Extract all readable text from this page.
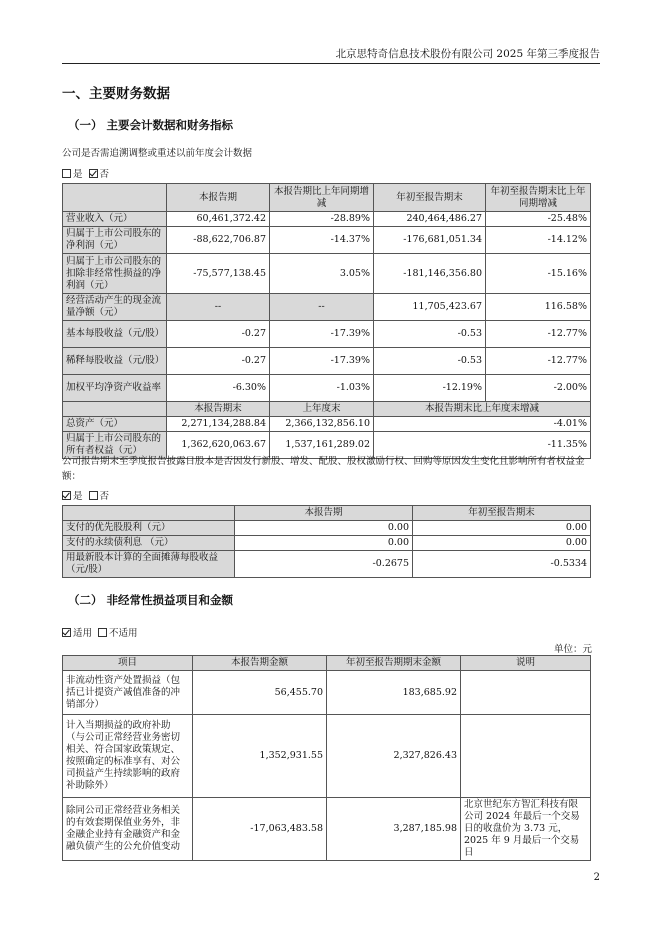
北京思特奇信息技术股份有限公司 2025 年第三季度报告
一、主要财务数据
（一） 主要会计数据和财务指标
公司是否需追溯调整或重述以前年度会计数据
是 否
	本报告期	本报告期比上年同期增减	年初至报告期末	年初至报告期末比上年同期增减
营业收入（元）	60,461,372.42	-28.89%	240,464,486.27	-25.48%
归属于上市公司股东的净利润（元）	-88,622,706.87	-14.37%	-176,681,051.34	-14.12%
归属于上市公司股东的扣除非经常性损益的净利润（元）	-75,577,138.45	3.05%	-181,146,356.80	-15.16%
经营活动产生的现金流量净额（元）	--	--	11,705,423.67	116.58%
基本每股收益（元/股）	-0.27	-17.39%	-0.53	-12.77%
稀释每股收益（元/股）	-0.27	-17.39%	-0.53	-12.77%
加权平均净资产收益率	-6.30%	-1.03%	-12.19%	-2.00%
	本报告期末	上年度末	本报告期末比上年度末增减	
总资产（元）	2,271,134,288.84	2,366,132,856.10	-4.01%	
归属于上市公司股东的所有者权益（元）	1,362,620,063.67	1,537,161,289.02	-11.35%	
公司报告期末至季度报告披露日股本是否因发行新股、增发、配股、股权激励行权、回购等原因发生变化且影响所有者权益金额：
是 否
	本报告期	年初至报告期末
支付的优先股股利（元）	0.00	0.00
支付的永续债利息 （元）	0.00	0.00
用最新股本计算的全面摊薄每股收益（元/股）	-0.2675	-0.5334
（二） 非经常性损益项目和金额
适用 不适用
单位：元
项目	本报告期金额	年初至报告期期末金额	说明
非流动性资产处置损益（包括已计提资产减值准备的冲销部分）	56,455.70	183,685.92	
计入当期损益的政府补助（与公司正常经营业务密切相关、符合国家政策规定、按照确定的标准享有、对公司损益产生持续影响的政府补助除外）	1,352,931.55	2,327,826.43	
除同公司正常经营业务相关的有效套期保值业务外，非金融企业持有金融资产和金融负债产生的公允价值变动	-17,063,483.58	3,287,185.98	北京世纪东方智汇科技有限公司 2024 年最后一个交易日的收盘价为 3.73 元，2025 年 9 月最后一个交易日
2
